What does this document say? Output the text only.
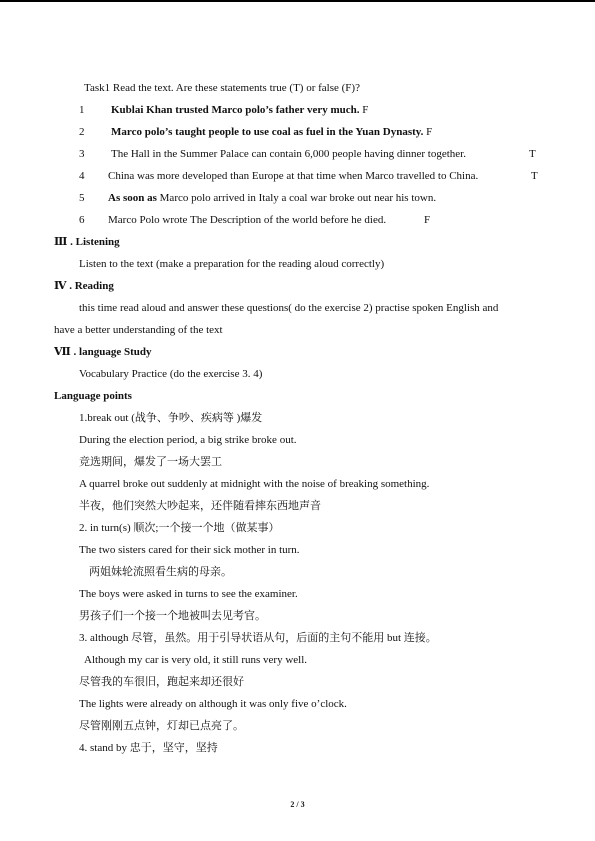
Task1 Read the text. Are these statements true (T) or false (F)?
1 Kublai Khan trusted Marco polo’s father very much. F
2 Marco polo’s taught people to use coal as fuel in the Yuan Dynasty. F
3 The Hall in the Summer Palace can contain 6,000 people having dinner together.	T
4 China was more developed than Europe at that time when Marco travelled to China.	T
5 As soon as Marco polo arrived in Italy a coal war broke out near his town.
6 Marco Polo wrote The Description of the world before he died.	F
Ⅲ . Listening
Listen to the text (make a preparation for the reading aloud correctly)
Ⅳ . Reading
this time read aloud and answer these questions( do the exercise 2) practise spoken English and
have a better understanding of the text
Ⅶ . language Study
Vocabulary Practice (do the exercise 3. 4)
Language points
1.break out (战争、争吵、疾病等 )爆发
During the election period, a big strike broke out.
竞选期间，爆发了一场大罢工
A quarrel broke out suddenly at midnight with the noise of breaking something.
半夜，他们突然大吵起来，还伴随看摔东西地声音
2. in turn(s) 顺次;一个接一个地（做某事）
The two sisters cared for their sick mother in turn.
两姐妹轮流照看生病的母亲。
The boys were asked in turns to see the examiner.
男孩子们一个接一个地被叫去见考官。
3. although 尽管，虽然。用于引导状语从句，后面的主句不能用 but 连接。
Although my car is very old, it still runs very well.
尽管我的车很旧，跑起来却还很好
The lights were already on although it was only five o’clock.
尽管刚刚五点钟，灯却已点亮了。
4. stand by 忠于，坚守，坚持
2 / 3
